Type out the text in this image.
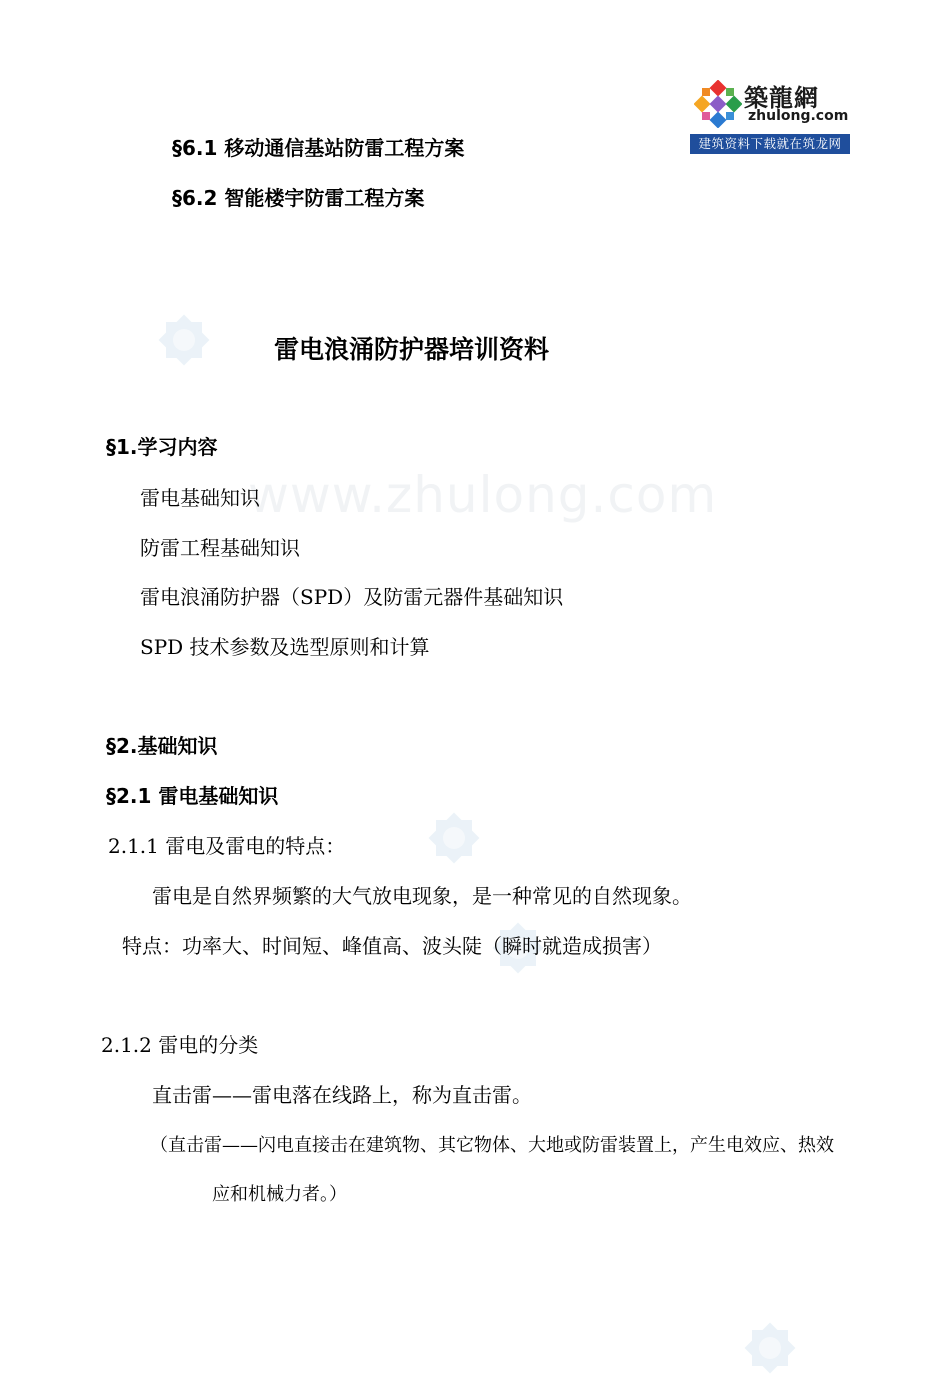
www.zhulong.com
築龍網
zhulong.com
建筑资料下载就在筑龙网
§6.1 移动通信基站防雷工程方案
§6.2 智能楼宇防雷工程方案
雷电浪涌防护器培训资料
§1.学习内容
雷电基础知识
防雷工程基础知识
雷电浪涌防护器（SPD）及防雷元器件基础知识
SPD 技术参数及选型原则和计算
§2.基础知识
§2.1 雷电基础知识
2.1.1 雷电及雷电的特点：
雷电是自然界频繁的大气放电现象，是一种常见的自然现象。
特点：功率大、时间短、峰值高、波头陡（瞬时就造成损害）
2.1.2 雷电的分类
直击雷——雷电落在线路上，称为直击雷。
（直击雷——闪电直接击在建筑物、其它物体、大地或防雷装置上，产生电效应、热效
应和机械力者。）
